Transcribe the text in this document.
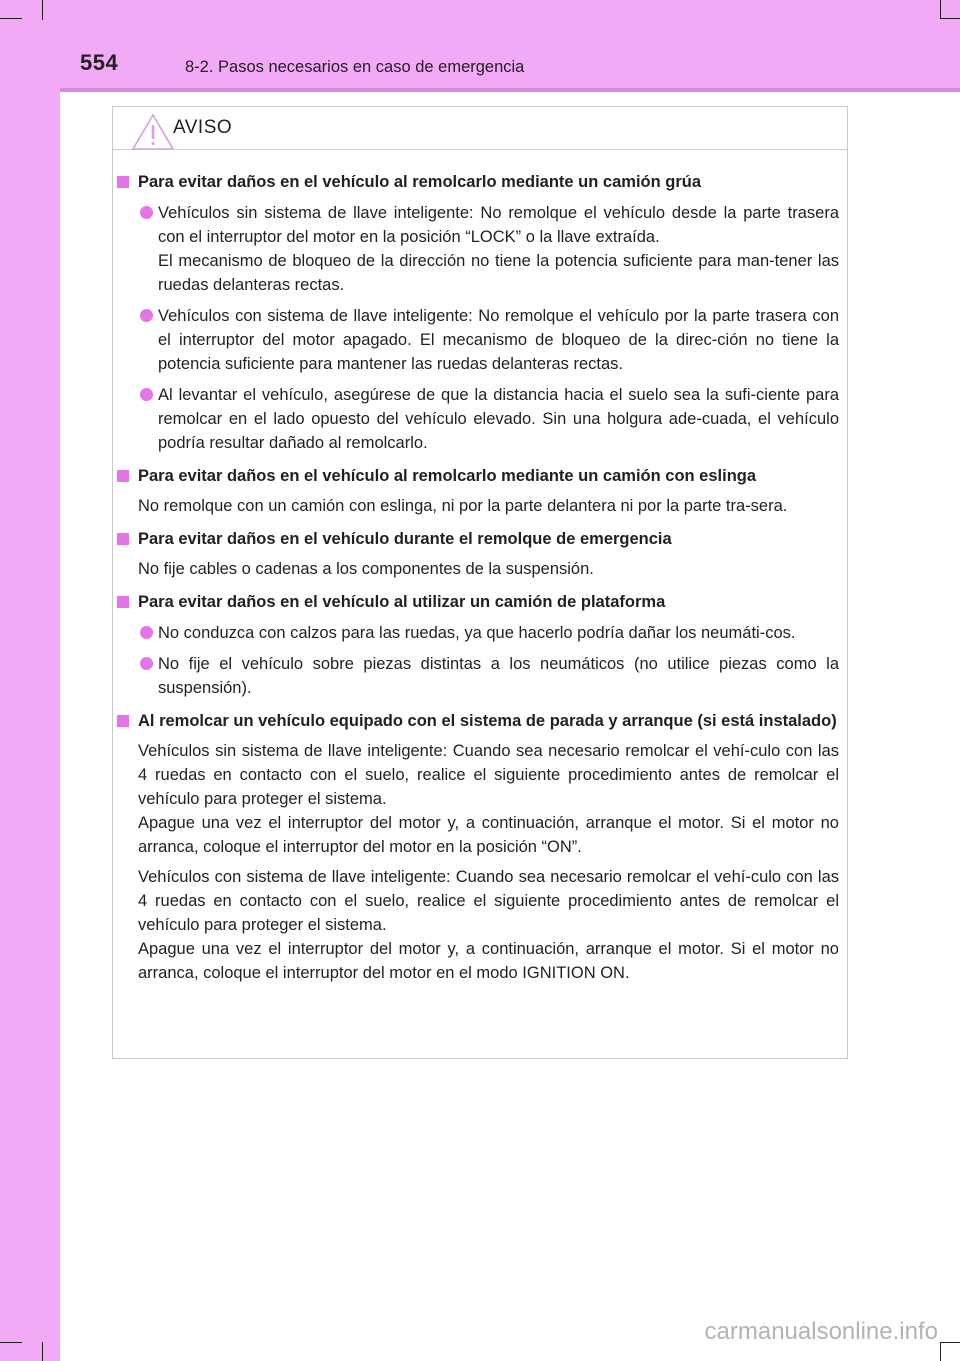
554	8-2. Pasos necesarios en caso de emergencia
AVISO
Para evitar daños en el vehículo al remolcarlo mediante un camión grúa
Vehículos sin sistema de llave inteligente: No remolque el vehículo desde la parte trasera con el interruptor del motor en la posición “LOCK” o la llave extraída.
El mecanismo de bloqueo de la dirección no tiene la potencia suficiente para man-tener las ruedas delanteras rectas.
Vehículos con sistema de llave inteligente: No remolque el vehículo por la parte trasera con el interruptor del motor apagado. El mecanismo de bloqueo de la direc-ción no tiene la potencia suficiente para mantener las ruedas delanteras rectas.
Al levantar el vehículo, asegúrese de que la distancia hacia el suelo sea la sufi-ciente para remolcar en el lado opuesto del vehículo elevado. Sin una holgura ade-cuada, el vehículo podría resultar dañado al remolcarlo.
Para evitar daños en el vehículo al remolcarlo mediante un camión con eslinga
No remolque con un camión con eslinga, ni por la parte delantera ni por la parte tra-sera.
Para evitar daños en el vehículo durante el remolque de emergencia
No fije cables o cadenas a los componentes de la suspensión.
Para evitar daños en el vehículo al utilizar un camión de plataforma
No conduzca con calzos para las ruedas, ya que hacerlo podría dañar los neumáti-cos.
No fije el vehículo sobre piezas distintas a los neumáticos (no utilice piezas como la suspensión).
Al remolcar un vehículo equipado con el sistema de parada y arranque (si está instalado)
Vehículos sin sistema de llave inteligente: Cuando sea necesario remolcar el vehí-culo con las 4 ruedas en contacto con el suelo, realice el siguiente procedimiento antes de remolcar el vehículo para proteger el sistema.
Apague una vez el interruptor del motor y, a continuación, arranque el motor. Si el motor no arranca, coloque el interruptor del motor en la posición “ON”.
Vehículos con sistema de llave inteligente: Cuando sea necesario remolcar el vehí-culo con las 4 ruedas en contacto con el suelo, realice el siguiente procedimiento antes de remolcar el vehículo para proteger el sistema.
Apague una vez el interruptor del motor y, a continuación, arranque el motor. Si el motor no arranca, coloque el interruptor del motor en el modo IGNITION ON.
carmanualsonline.info
